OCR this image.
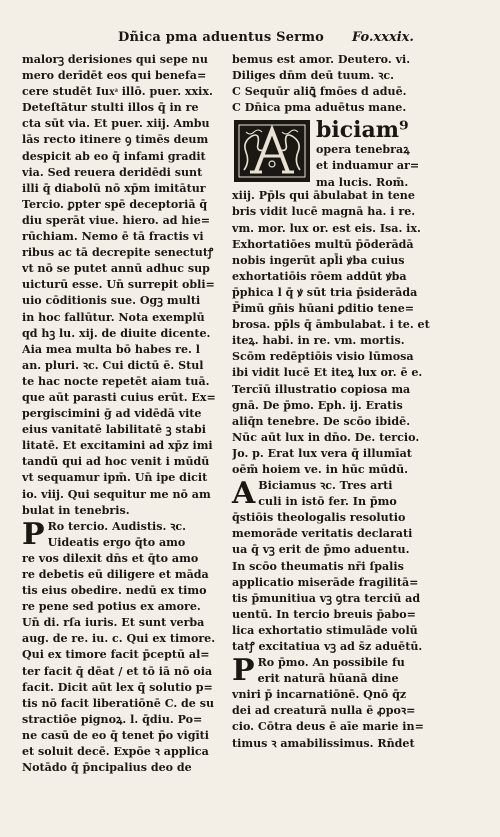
Dñica pma aduentus Sermo Fo.xxxix.
malorꝫ derisiones qui sepe nu
mero derīdēt eos qui benefa=
cere studēt Iuxͣ illō. puer. xxix.
Deteſtātur stulti illos q̄ in re
cta sūt via. Et puer. xiij. Ambu
lās recto itinere ꝯ timēs deum
despicit ab eo q̄ infami gradit
via. Sed reuera deridēdi sunt
illi q̄ diabolū nō xp̄m imitātur
Tercio. ꝑpter spē deceptoriā q̄
diu sperāt viue. hiero. ad hie=
rūchiam. Nemo ē tā fractis vi
ribus ac tā decrepite senectutꝭ
vt nō se putet annū adhuc sup
uicturū esse. Un̄ surrepit obli=
uio cōditionis sue. Ogꝫ multi
in hoc fallūtur. Nota exemplū
qd hꝫ lu. xij. de diuite dicente.
Aia mea multa bō habes re. l
an. pluri. ꝛc. Cui dictū ē. Stul
te hac nocte repetēt aiam tuā.
que aūt parasti cuius erūt. Ex=
pergiscimini ḡ ad vidēdā vite
eius vanitatē labilitatē ꝫ stabi
litatē. Et excitamini ad xp̄z imi
tandū qui ad hoc venit i mūdū
vt sequamur ipm̄. Un̄ ipe dicit
io. viij. Qui sequitur me nō am
bulat in tenebris.
P Ro tercio. Audistis. ꝛc.
Uideatis ergo q̄to amo
re vos dilexit dn̄s et q̄to amo
re debetis eū diligere et māda
tis eius obedire. nedū ex timo
re pene sed potius ex amore.
Un̄ di. rſa iuris. Et sunt verba
aug. de re. iu. c. Qui ex timore.
Qui ex timore facit p̄ceptū al=
ter facit q̄ dēat / et tō iā nō oia
facit. Dicit aūt lex q̄ solutio p=
tis nō facit liberatiōnē C. de su
stractiōe pignoꝝ. l. q̄diu. Po=
ne casū de eo q̄ tenet p̄o vigīti
et soluit decē. Expōe ꝛ applica
Notādo q̄ p̄ncipalius deo de
bemus est amor. Deutero. vi.
Diliges dn̄m deū tuum. ꝛc.
C Sequūr aliꝗ̄ fmōes d aduē.
C Dn̄ica pma aduētus mane.
biciam⁹
opera tenebraꝝ
et induamur ar=
ma lucis. Rom̄.
xiij. Pp̄ls qui ābulabat in tene
bris vidit lucē magnā ha. i re.
vm. mor. lux or. est eis. Isa. ix.
Exhortatiōes multū p̄ōderādā
nobis ingerūt apl̄i ꝟba cuius
exhortatiōis rōem addūt ꝟba
p̄phica l q̄ ꝟ sūt tria p̄siderāda
P̄imū gn̄is hūani ꝑditio tene=
brosa. pp̄ls q̄ āmbulabat. i te. et
iteꝝ. habi. in re. vm. mortis.
Scōm redēptiōis visio lūmosa
ibi vidit lucē Et iteꝝ lux or. ē e.
Tercīū illustratio copiosa ma
gnā. De p̄mo. Eph. ij. Eratis
aliq̄n tenebre. De scōo ibidē.
Nūc aūt lux in dn̄o. De. tercio.
Jo. p. Erat lux vera q̄ illumīat
oēm̄ hoiem ve. in hūc mūdū.
A Biciamus ꝛc. Tres arti
culi in istō fer. In p̄mo
q̄stiōis theologalis resolutio
memorāde veritatis declarati
ua q̄ vꝫ erit de p̄mo aduentu.
In scōo theumatis nr̄i ſpalis
applicatio miserāde fragilitā=
tis p̄munitiua vꝫ ꝯtra terciū ad
uentū. In tercio breuis p̄abo=
lica exhortatio stimulāde volū
tatꝭ excitatiua vꝫ ad s̄z aduētū.
P Ro p̄mo. An possibile fu
erit naturā hūanā dine
vniri p̄ incarnatiōnē. Qnō q̄z
dei ad creaturā nulla ē ꝓpoꝛ=
cio. Cōtra deus ē aīe marie in=
timus ꝛ amabilissimus. Rn̄det
